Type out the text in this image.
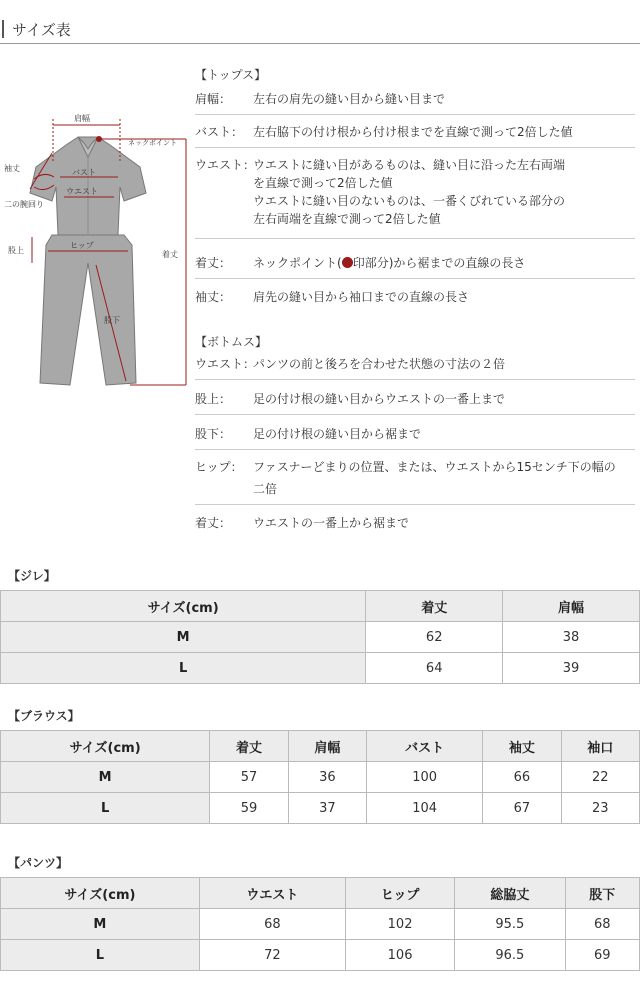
サイズ表
肩幅
ネックポイント
バスト
袖丈
ウエスト
二の腕回り
股上
ヒップ
着丈
股下
【トップス】
肩幅：	左右の肩先の縫い目から縫い目まで
バスト： 左右脇下の付け根から付け根までを直線で測って2倍した値
ウエスト：
ウエストに縫い目があるものは、縫い目に沿った左右両端
を直線で測って2倍した値
ウエストに縫い目のないものは、一番くびれている部分の
左右両端を直線で測って2倍した値
着丈：	ネックポイント( 印部分)から裾までの直線の長さ
袖丈：	肩先の縫い目から袖口までの直線の長さ
【ボトムス】
ウエスト：
パンツの前と後ろを合わせた状態の寸法の２倍
股上：	足の付け根の縫い目からウエストの一番上まで
股下：	足の付け根の縫い目から裾まで
ヒップ： ファスナーどまりの位置、または、ウエストから15センチ下の幅の
二倍
着丈：	ウエストの一番上から裾まで
【ジレ】
サイズ(cm)	着丈	肩幅
M	62	38
L	64	39
【ブラウス】
サイズ(cm)	着丈	肩幅	バスト	袖丈	袖口
M	57	36	100	66	22
L	59	37	104	67	23
【パンツ】
サイズ(cm)	ウエスト	ヒップ	総脇丈	股下
M	68	102	95.5	68
L	72	106	96.5	69
